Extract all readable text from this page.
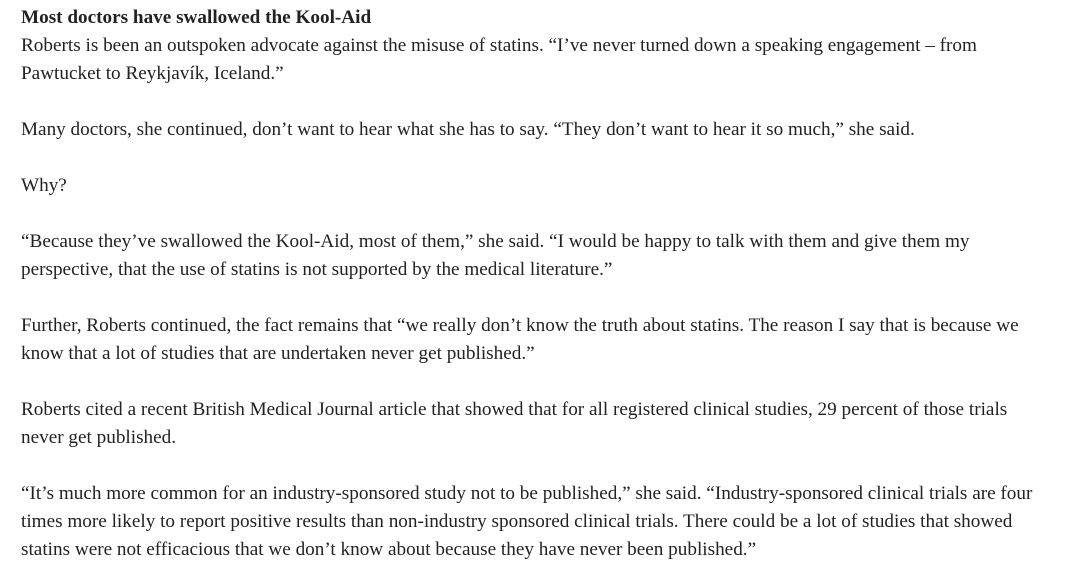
Most doctors have swallowed the Kool-Aid

Roberts is been an outspoken advocate against the misuse of statins. “I’ve never turned down a speaking engagement – from Pawtucket to Reykjavík, Iceland.”

Many doctors, she continued, don’t want to hear what she has to say. “They don’t want to hear it so much,” she said.

Why?

“Because they’ve swallowed the Kool-Aid, most of them,” she said. “I would be happy to talk with them and give them my perspective, that the use of statins is not supported by the medical literature.”

Further, Roberts continued, the fact remains that “we really don’t know the truth about statins. The reason I say that is because we know that a lot of studies that are undertaken never get published.”

Roberts cited a recent British Medical Journal article that showed that for all registered clinical studies, 29 percent of those trials never get published.

“It’s much more common for an industry-sponsored study not to be published,” she said. “Industry-sponsored clinical trials are four times more likely to report positive results than non-industry sponsored clinical trials. There could be a lot of studies that showed statins were not efficacious that we don’t know about because they have never been published.”
